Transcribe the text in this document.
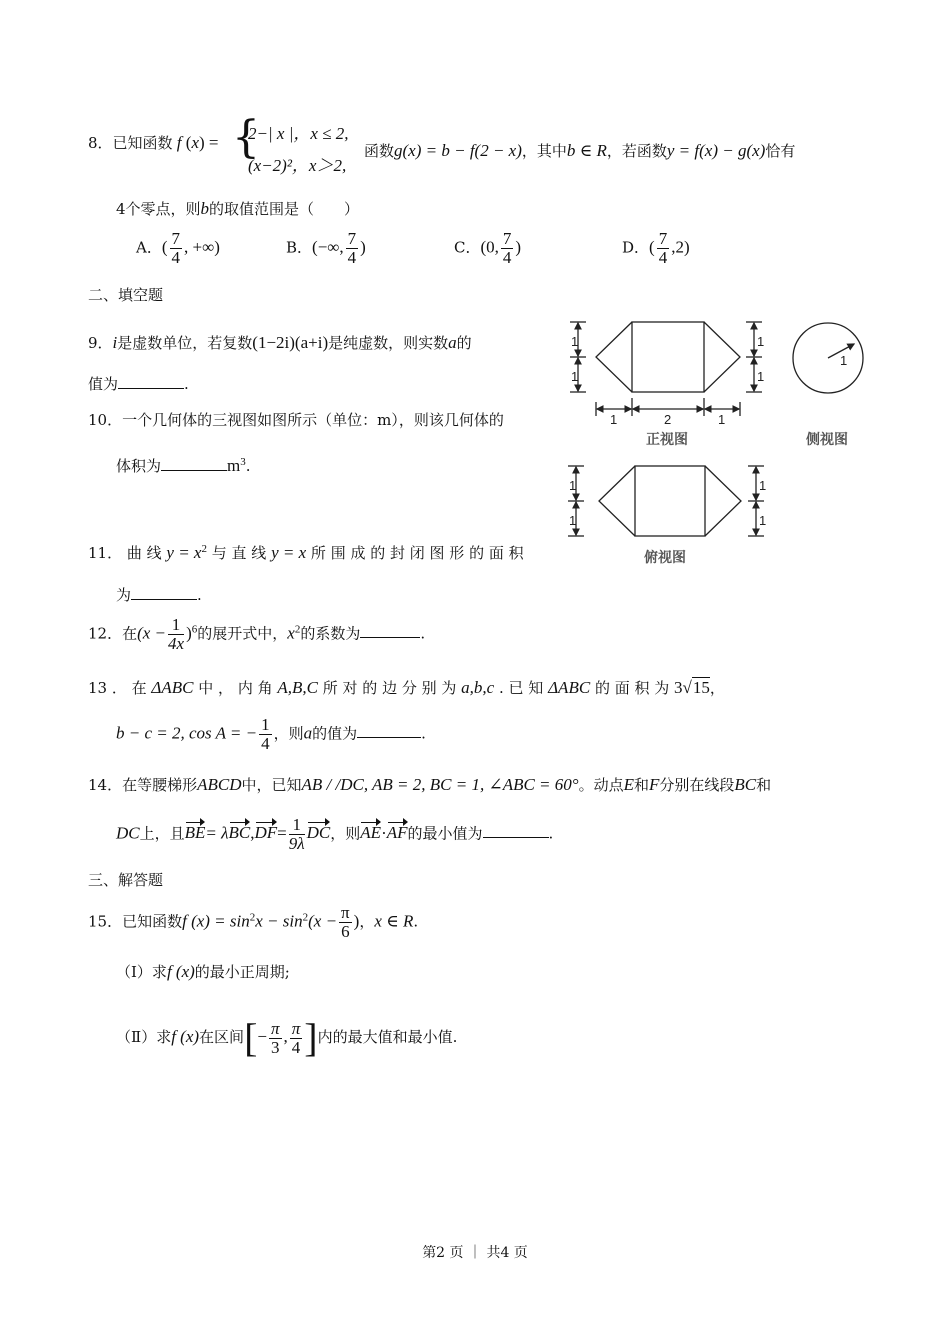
8．已知函数 f (x) = {
2−| x |，x ≤ 2,
(x−2)²，x＞2,
函数g(x) = b − f(2 − x)，其中b ∈ R，若函数y = f(x) − g(x)恰有
4个零点，则b的取值范围是（　　）
A．( $\frac{7}{4}$ , +∞)	B．(−∞, $\frac{7}{4}$ )	C．(0, $\frac{7}{4}$ )	D．( $\frac{7}{4} ,2$)
二、填空题
9．i是虚数单位，若复数(1−2i)(a+i)是纯虚数，则实数a的
值为	.
10．一个几何体的三视图如图所示（单位：m），则该几何体的
体积为	$m^3$.
11． 曲 线 $y = x^2$ 与 直 线 y = x 所 围 成 的 封 闭 图 形 的 面 积
为	.
12．在$(x - \frac{1}{4x} )^6$的展开式中，$x^2$的系数为	.
13 ． 在 ΔABC 中 ， 内 角 A,B,C 所 对 的 边 分 别 为 a,b,c . 已 知 ΔABC 的 面 积 为 3√15，
b − c = 2, cos A = − $\frac{1}{4}$ ，则a的值为	.
14．在等腰梯形ABCD中，已知AB / /DC, AB = 2, BC = 1, ∠ABC = 60°。动点E和F分别在线段BC和
DC上，且$BE= \lambda BC,DF= \frac{1}{9\lambda}$ DC，则AE·AF的最小值为	.
三、解答题
15．已知函数f $(x) = \sin^2x - \sin^2(x - \frac{\pi}{6}$ )，x ∈ R.
（Ⅰ）求f (x)的最小正周期;
（Ⅱ）求f (x)在区间[− $\frac{\pi}{3}$ , $\frac{\pi}{4}$ ]内的最大值和最小值.
1
1
1
1
1	2	1
正视图	侧视图
俯视图
1
1
1
1
1
第2 页 ｜ 共4 页
